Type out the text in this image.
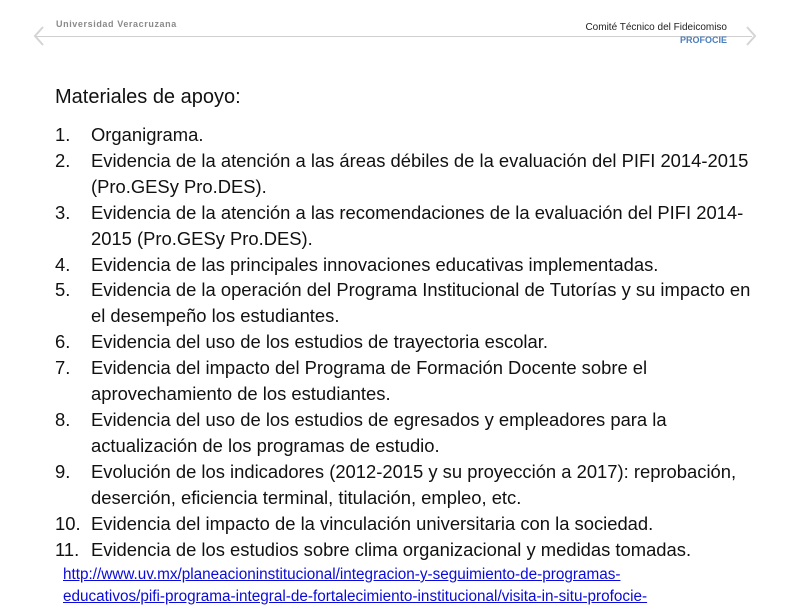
Universidad Veracruzana	Comité Técnico del Fideicomiso
PROFOCIE
Materiales de apoyo:
1. Organigrama.
2. Evidencia de la atención a las áreas débiles de la evaluación del PIFI 2014-2015 (Pro.GESy Pro.DES).
3. Evidencia de la atención a las recomendaciones de la evaluación del PIFI 2014-2015 (Pro.GESy Pro.DES).
4. Evidencia de las principales innovaciones educativas implementadas.
5. Evidencia de la operación del Programa Institucional de Tutorías y su impacto en el desempeño los estudiantes.
6. Evidencia del uso de los estudios de trayectoria escolar.
7. Evidencia del impacto del Programa de Formación Docente sobre el aprovechamiento de los estudiantes.
8. Evidencia del uso de los estudios de egresados y empleadores para la actualización de los programas de estudio.
9. Evolución de los indicadores (2012-2015 y su proyección a 2017): reprobación, deserción, eficiencia terminal, titulación, empleo, etc.
10. Evidencia del impacto de la vinculación universitaria con la sociedad.
11. Evidencia de los estudios sobre clima organizacional y medidas tomadas.
http://www.uv.mx/planeacioninstitucional/integracion-y-seguimiento-de-programas-
educativos/pifi-programa-integral-de-fortalecimiento-institucional/visita-in-situ-profocie-
